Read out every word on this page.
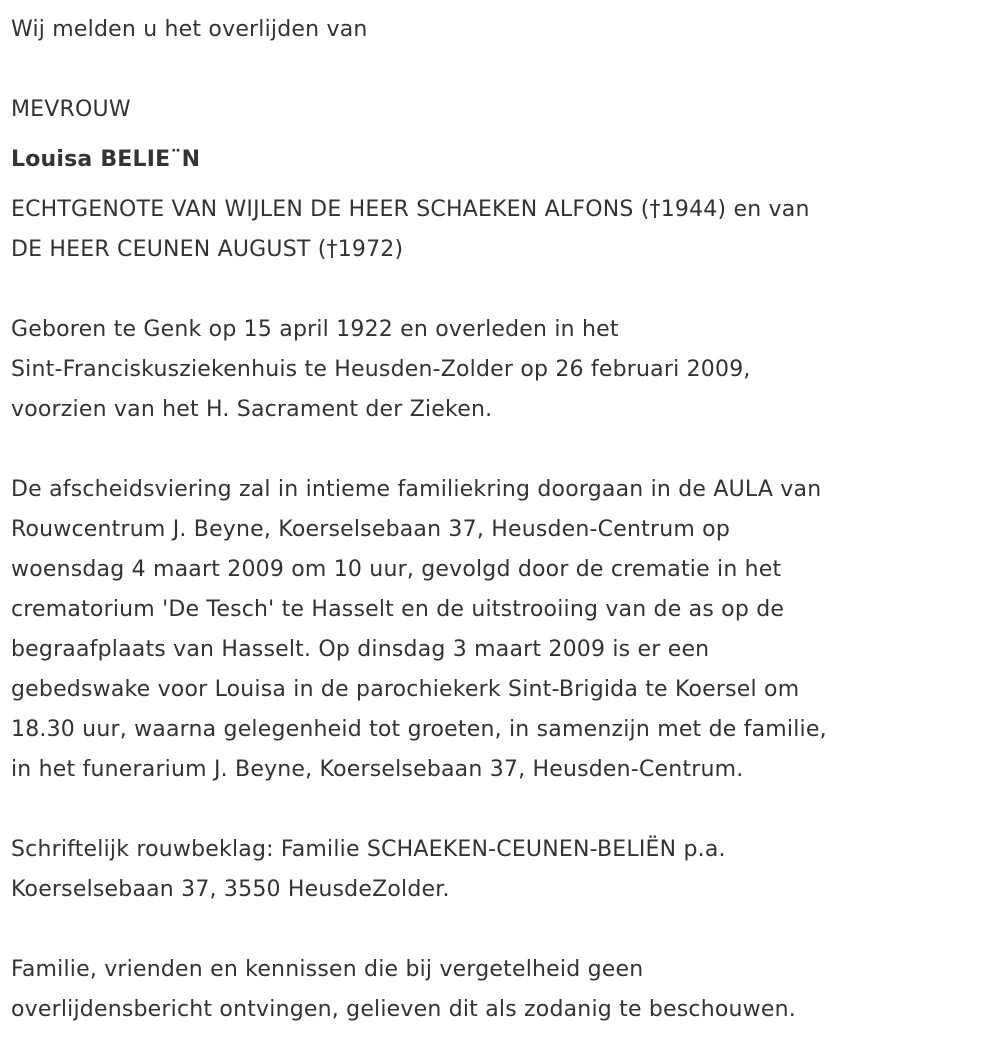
Wij melden u het overlijden van

MEVROUW

Louisa BELIE¨N

ECHTGENOTE VAN WIJLEN DE HEER SCHAEKEN ALFONS (†1944) en van
DE HEER CEUNEN AUGUST (†1972)

Geboren te Genk op 15 april 1922 en overleden in het
Sint-Franciskusziekenhuis te Heusden-Zolder op 26 februari 2009,
voorzien van het H. Sacrament der Zieken.

De afscheidsviering zal in intieme familiekring doorgaan in de AULA van
Rouwcentrum J. Beyne, Koerselsebaan 37, Heusden-Centrum op
woensdag 4 maart 2009 om 10 uur, gevolgd door de crematie in het
crematorium 'De Tesch' te Hasselt en de uitstrooiing van de as op de
begraafplaats van Hasselt. Op dinsdag 3 maart 2009 is er een
gebedswake voor Louisa in de parochiekerk Sint-Brigida te Koersel om
18.30 uur, waarna gelegenheid tot groeten, in samenzijn met de familie,
in het funerarium J. Beyne, Koerselsebaan 37, Heusden-Centrum.

Schriftelijk rouwbeklag: Familie SCHAEKEN-CEUNEN-BELIËN p.a.
Koerselsebaan 37, 3550 HeusdeZolder.

Familie, vrienden en kennissen die bij vergetelheid geen
overlijdensbericht ontvingen, gelieven dit als zodanig te beschouwen.
